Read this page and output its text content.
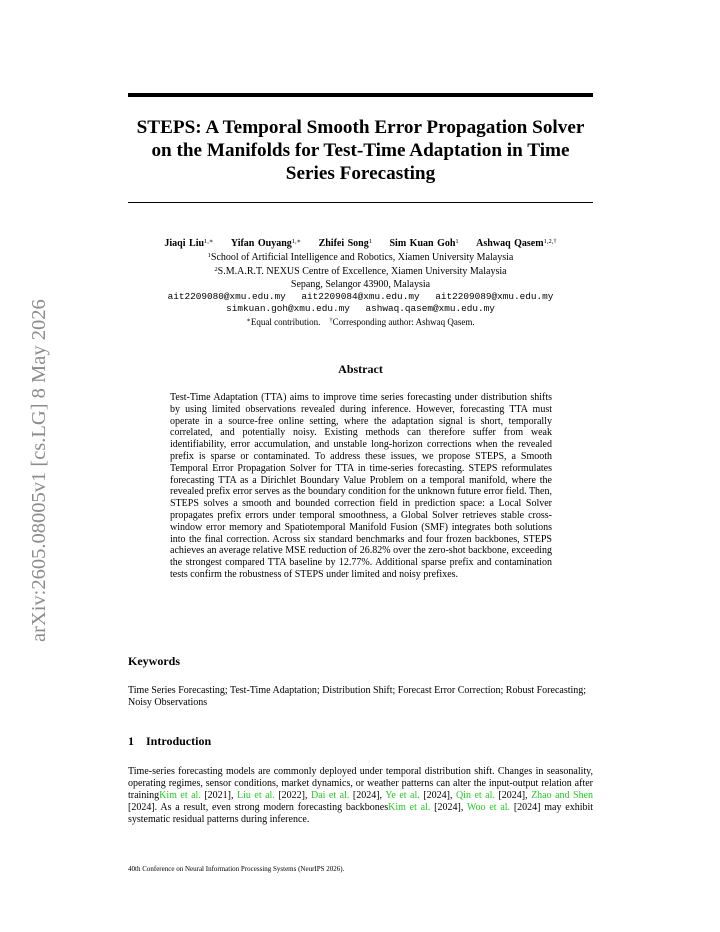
arXiv:2605.08005v1 [cs.LG] 8 May 2026
STEPS: A Temporal Smooth Error Propagation Solver
on the Manifolds for Test-Time Adaptation in Time
Series Forecasting
Jiaqi Liu$^{1,∗}$ Yifan Ouyang$^{1,∗}$ Zhifei Song$^1$ Sim Kuan Goh$^1$ Ashwaq Qasem$^{1,2,\dagger}$
$^1$School of Artificial Intelligence and Robotics, Xiamen University Malaysia
$^2$S.M.A.R.T. NEXUS Centre of Excellence, Xiamen University Malaysia
Sepang, Selangor 43900, Malaysia
ait2209080@xmu.edu.my ait2209084@xmu.edu.my ait2209089@xmu.edu.my
simkuan.goh@xmu.edu.my ashwaq.qasem@xmu.edu.my
∗Equal contribution. †Corresponding author: Ashwaq Qasem.
Abstract
Test-Time Adaptation (TTA) aims to improve time series forecasting under distribution shifts by using limited observations revealed during inference. However, forecasting TTA must operate in a source-free online setting, where the adaptation signal is short, temporally correlated, and potentially noisy. Existing methods can therefore suffer from weak identifiability, error accumulation, and unstable long-horizon corrections when the revealed prefix is sparse or contaminated. To address these issues, we propose STEPS, a Smooth Temporal Error Propagation Solver for TTA in time-series forecasting. STEPS reformulates forecasting TTA as a Dirichlet Boundary Value Problem on a temporal manifold, where the revealed prefix error serves as the boundary condition for the unknown future error field. Then, STEPS solves a smooth and bounded correction field in prediction space: a Local Solver propagates prefix errors under temporal smoothness, a Global Solver retrieves stable cross-window error memory and Spatiotemporal Manifold Fusion (SMF) integrates both solutions into the final correction. Across six standard benchmarks and four frozen backbones, STEPS achieves an average relative MSE reduction of 26.82% over the zero-shot backbone, exceeding the strongest compared TTA baseline by 12.77%. Additional sparse prefix and contamination tests confirm the robustness of STEPS under limited and noisy prefixes.
Keywords
Time Series Forecasting; Test-Time Adaptation; Distribution Shift; Forecast Error Correction; Robust Forecasting; Noisy Observations
1 Introduction
Time-series forecasting models are commonly deployed under temporal distribution shift. Changes in seasonality, operating regimes, sensor conditions, market dynamics, or weather patterns can alter the input-output relation after trainingKim et al. [2021], Liu et al. [2022], Dai et al. [2024], Ye et al. [2024], Qin et al. [2024], Zhao and Shen [2024]. As a result, even strong modern forecasting backbonesKim et al. [2024], Woo et al. [2024] may exhibit systematic residual patterns during inference.
40th Conference on Neural Information Processing Systems (NeurIPS 2026).
